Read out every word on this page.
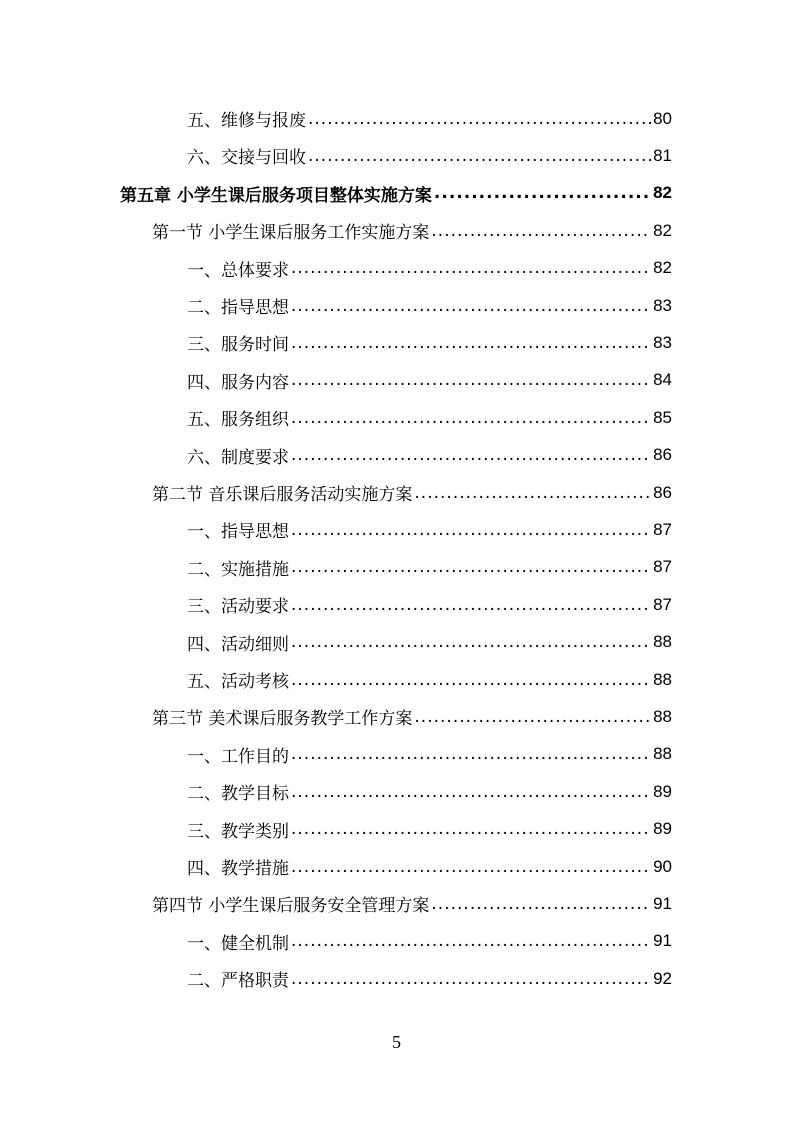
五、维修与报废 .....	80
六、交接与回收 .....	81
第五章 小学生课后服务项目整体实施方案 .....	82
第一节 小学生课后服务工作实施方案 .....	82
一、总体要求 .....	82
二、指导思想 .....	83
三、服务时间 .....	83
四、服务内容 .....	84
五、服务组织 .....	85
六、制度要求 .....	86
第二节 音乐课后服务活动实施方案 .....	86
一、指导思想 .....	87
二、实施措施 .....	87
三、活动要求 .....	87
四、活动细则 .....	88
五、活动考核 .....	88
第三节 美术课后服务教学工作方案 .....	88
一、工作目的 .....	88
二、教学目标 .....	89
三、教学类别 .....	89
四、教学措施 .....	90
第四节 小学生课后服务安全管理方案 .....	91
一、健全机制 .....	91
二、严格职责 .....	92
5
